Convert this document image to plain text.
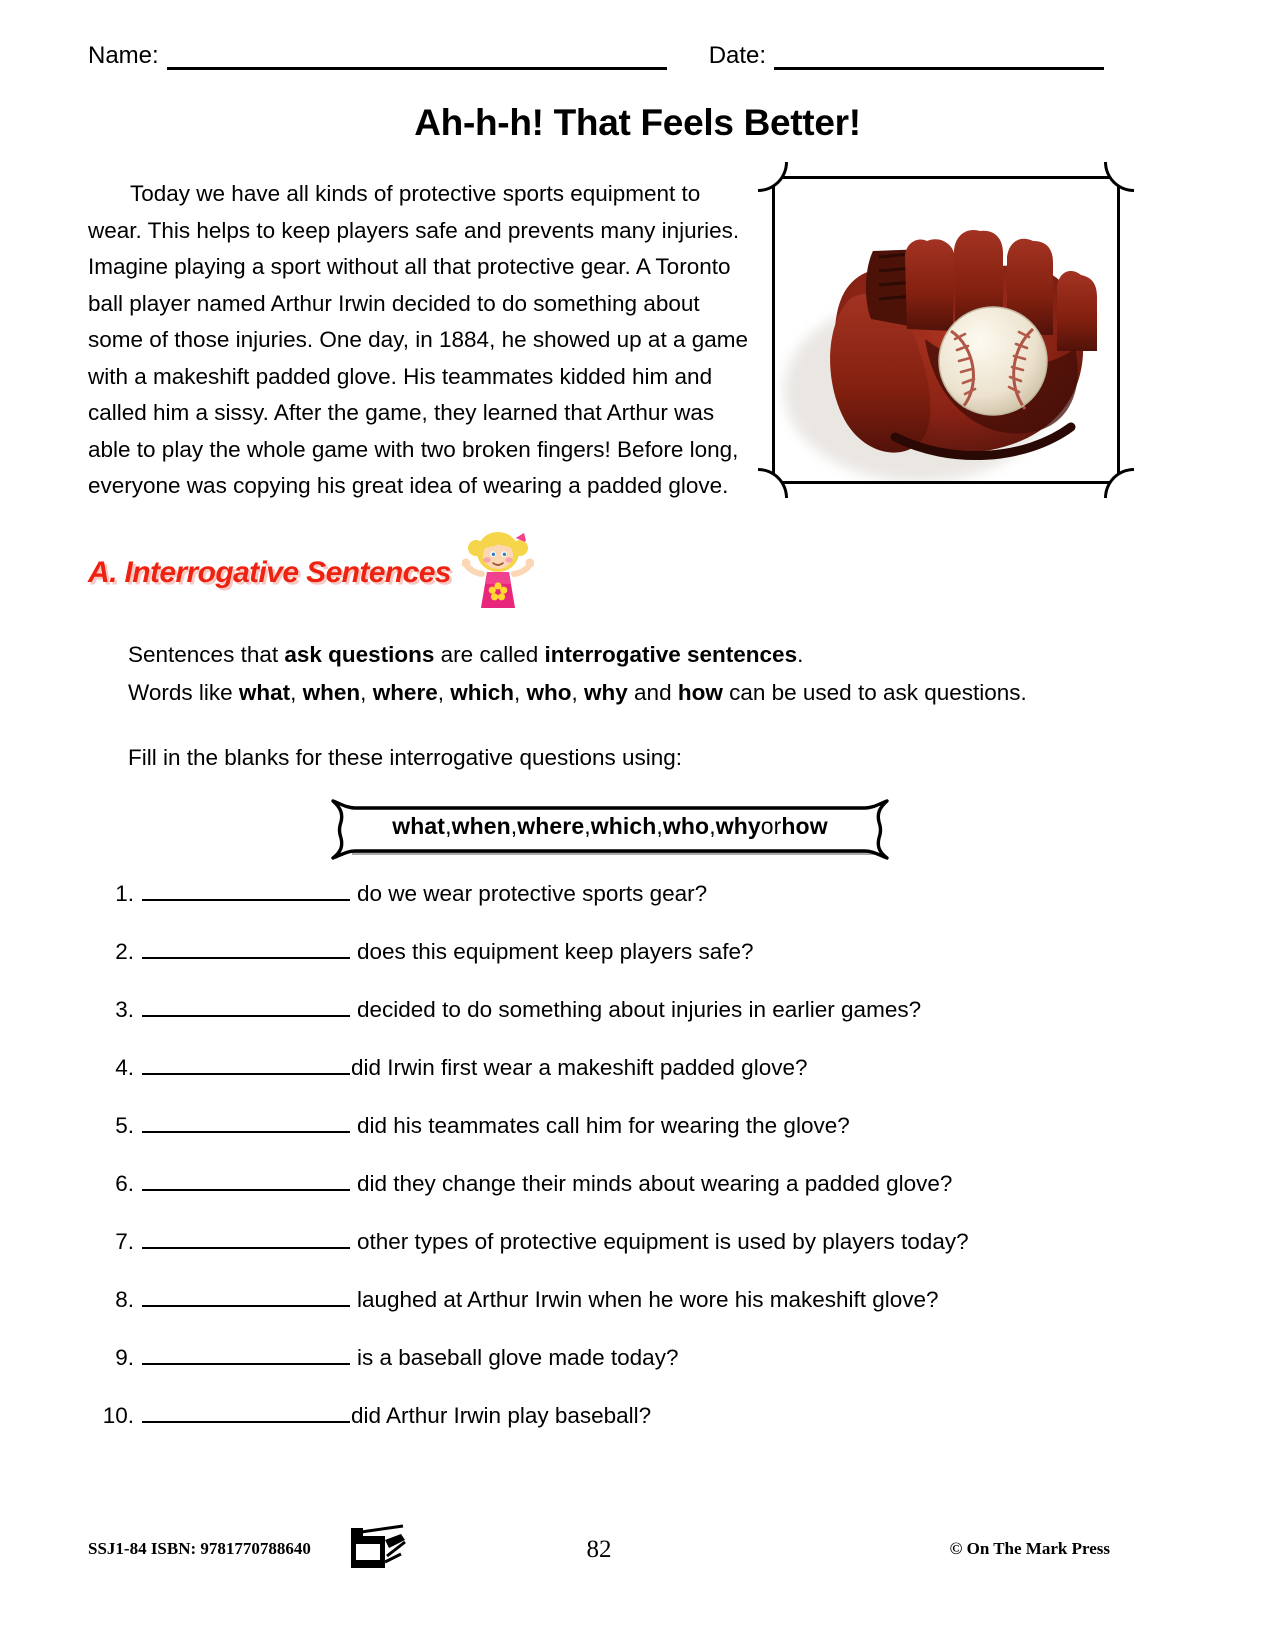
Name:	Date:
Ah-h-h! That Feels Better!
Today we have all kinds of protective sports equipment to wear. This helps to keep players safe and prevents many injuries. Imagine playing a sport without all that protective gear. A Toronto ball player named Arthur Irwin decided to do something about some of those injuries. One day, in 1884, he showed up at a game with a makeshift padded glove. His teammates kidded him and called him a sissy. After the game, they learned that Arthur was able to play the whole game with two broken fingers! Before long, everyone was copying his great idea of wearing a padded glove.
A. Interrogative Sentences
Sentences that ask questions are called interrogative sentences.
Words like what, when, where, which, who, why and how can be used to ask questions.
Fill in the blanks for these interrogative questions using:
what , when , where , which , who , why or how
1.	do we wear protective sports gear?
2.	does this equipment keep players safe?
3.	decided to do something about injuries in earlier games?
4.	did Irwin first wear a makeshift padded glove?
5.	did his teammates call him for wearing the glove?
6.	did they change their minds about wearing a padded glove?
7.	other types of protective equipment is used by players today?
8.	laughed at Arthur Irwin when he wore his makeshift glove?
9.	is a baseball glove made today?
10.	did Arthur Irwin play baseball?
SSJ1-84 ISBN: 9781770788640	82	© On The Mark Press
